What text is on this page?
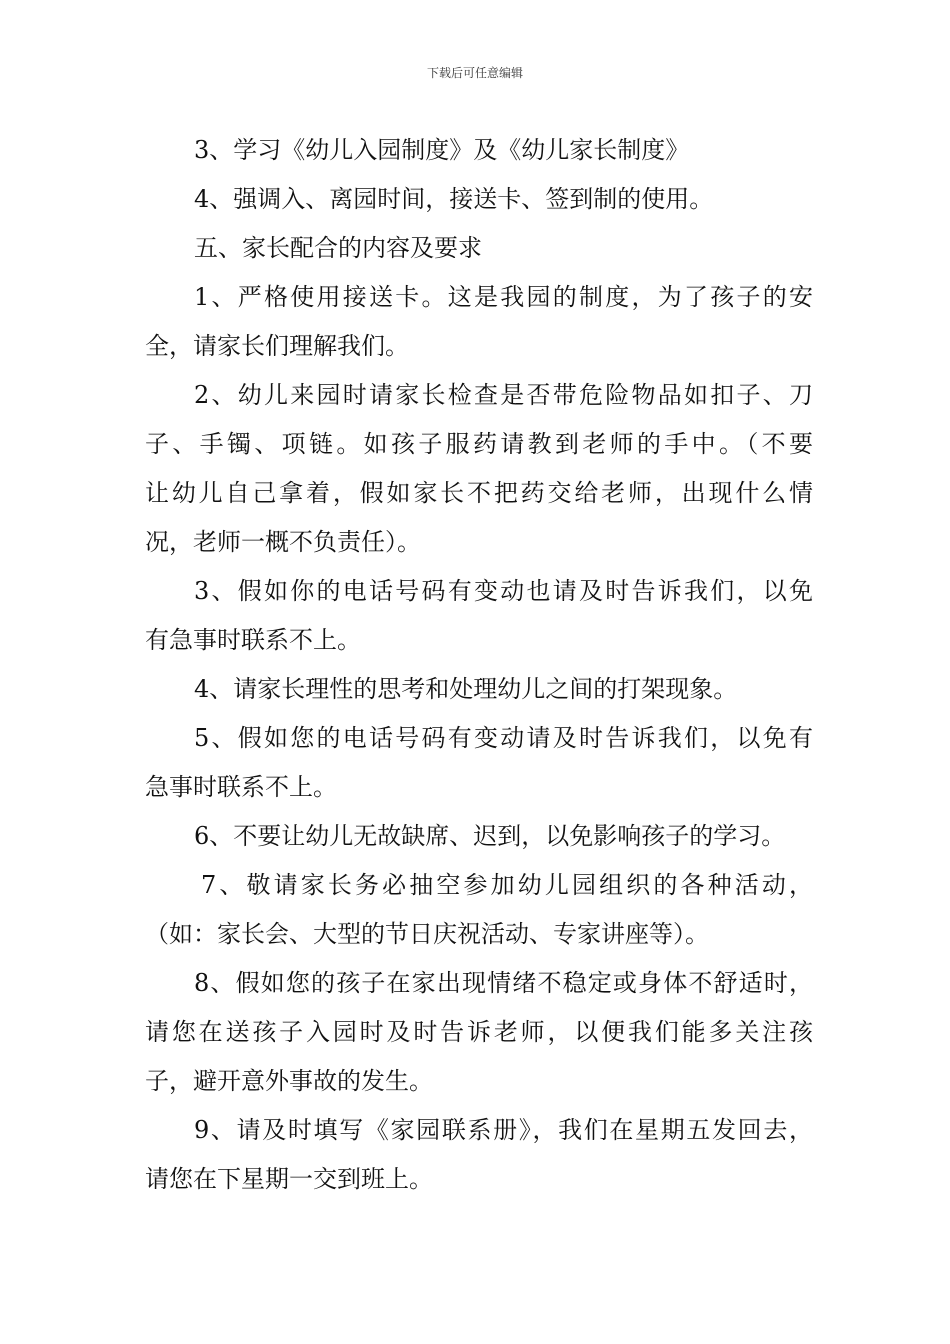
下载后可任意编辑
3、学习《幼儿入园制度》及《幼儿家长制度》
4、强调入、离园时间，接送卡、签到制的使用。
五、家长配合的内容及要求
1、严格使用接送卡。这是我园的制度，为了孩子的安
全，请家长们理解我们。
2、幼儿来园时请家长检查是否带危险物品如扣子、刀
子、手镯、项链。如孩子服药请教到老师的手中。（不要
让幼儿自己拿着，假如家长不把药交给老师，出现什么情
况，老师一概不负责任）。
3、假如你的电话号码有变动也请及时告诉我们，以免
有急事时联系不上。
4、请家长理性的思考和处理幼儿之间的打架现象。
5、假如您的电话号码有变动请及时告诉我们，以免有
急事时联系不上。
6、不要让幼儿无故缺席、迟到，以免影响孩子的学习。
7、敬请家长务必抽空参加幼儿园组织的各种活动，
（如：家长会、大型的节日庆祝活动、专家讲座等）。
8、假如您的孩子在家出现情绪不稳定或身体不舒适时，
请您在送孩子入园时及时告诉老师，以便我们能多关注孩
子，避开意外事故的发生。
9、请及时填写《家园联系册》，我们在星期五发回去，
请您在下星期一交到班上。
